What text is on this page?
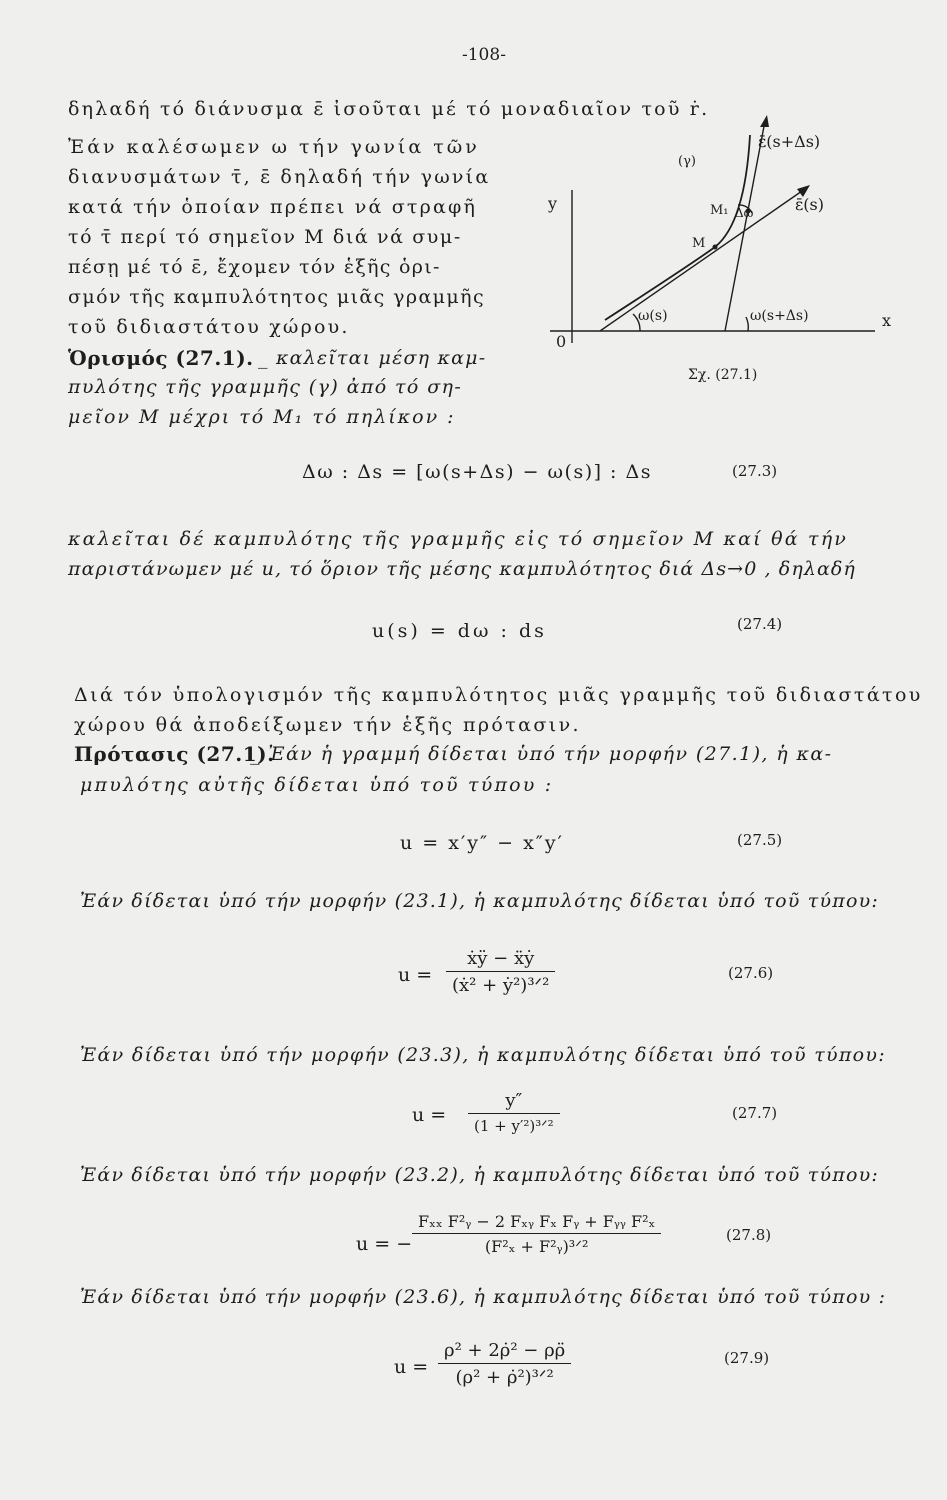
-108-
δηλαδή τό διάνυσμα ε̄ ἰσοῦται μέ τό μοναδιαῖον τοῦ ṙ.
Ἐάν καλέσωμεν ω τήν γωνία τῶν
διανυσμάτων τ̄, ε̄ δηλαδή τήν γωνία
κατά τήν ὁποίαν πρέπει νά στραφῆ
τό τ̄ περί τό σημεῖον Μ διά νά συμ-
πέσῃ μέ τό ε̄, ἔχομεν τόν ἑξῆς ὁρι-
σμόν τῆς καμπυλότητος μιᾶς γραμμῆς
τοῦ διδιαστάτου χώρου.
Ὁρισμός (27.1). _ καλεῖται μέση καμ-
πυλότης τῆς γραμμῆς (γ) ἀπό τό ση-
μεῖον Μ μέχρι τό Μ₁ τό πηλίκον :
ε̄(s+Δs)
ε̄(s)
(γ)
y
x
0
Μ
Μ₁ Δω
ω(s)	ω(s+Δs)
Σχ. (27.1)
Δω : Δs = [ω(s+Δs) − ω(s)] : Δs	(27.3)
καλεῖται δέ καμπυλότης τῆς γραμμῆς εἰς τό σημεῖον Μ καί θά τήν
παριστάνωμεν μέ u, τό ὅριον τῆς μέσης καμπυλότητος διά Δs→0 , δηλαδή
u(s) = dω : ds	(27.4)
Διά τόν ὑπολογισμόν τῆς καμπυλότητος μιᾶς γραμμῆς τοῦ διδιαστάτου
χώρου θά ἀποδείξωμεν τήν ἑξῆς πρότασιν.
Πρότασις (27.1).
_ Ἐάν ἡ γραμμή δίδεται ὑπό τήν μορφήν (27.1), ἡ κα-
μπυλότης αὐτῆς δίδεται ὑπό τοῦ τύπου :
u = x′y″ − x″y′	(27.5)
Ἐάν δίδεται ὑπό τήν μορφήν (23.1), ἡ καμπυλότης δίδεται ὑπό τοῦ τύπου:
u =
ẋÿ − ẍẏ
(ẋ² + ẏ²)³ᐟ²
(27.6)
Ἐάν δίδεται ὑπό τήν μορφήν (23.3), ἡ καμπυλότης δίδεται ὑπό τοῦ τύπου:
u =
y″
(1 + y′²)³ᐟ²
(27.7)
Ἐάν δίδεται ὑπό τήν μορφήν (23.2), ἡ καμπυλότης δίδεται ὑπό τοῦ τύπου:
u = −
Fₓₓ F²ᵧ − 2 Fₓᵧ Fₓ Fᵧ + Fᵧᵧ F²ₓ
(F²ₓ + F²ᵧ)³ᐟ²
(27.8)
Ἐάν δίδεται ὑπό τήν μορφήν (23.6), ἡ καμπυλότης δίδεται ὑπό τοῦ τύπου :
u =
ρ² + 2ρ̇² − ρρ̈
(ρ² + ρ̇²)³ᐟ²
(27.9)
